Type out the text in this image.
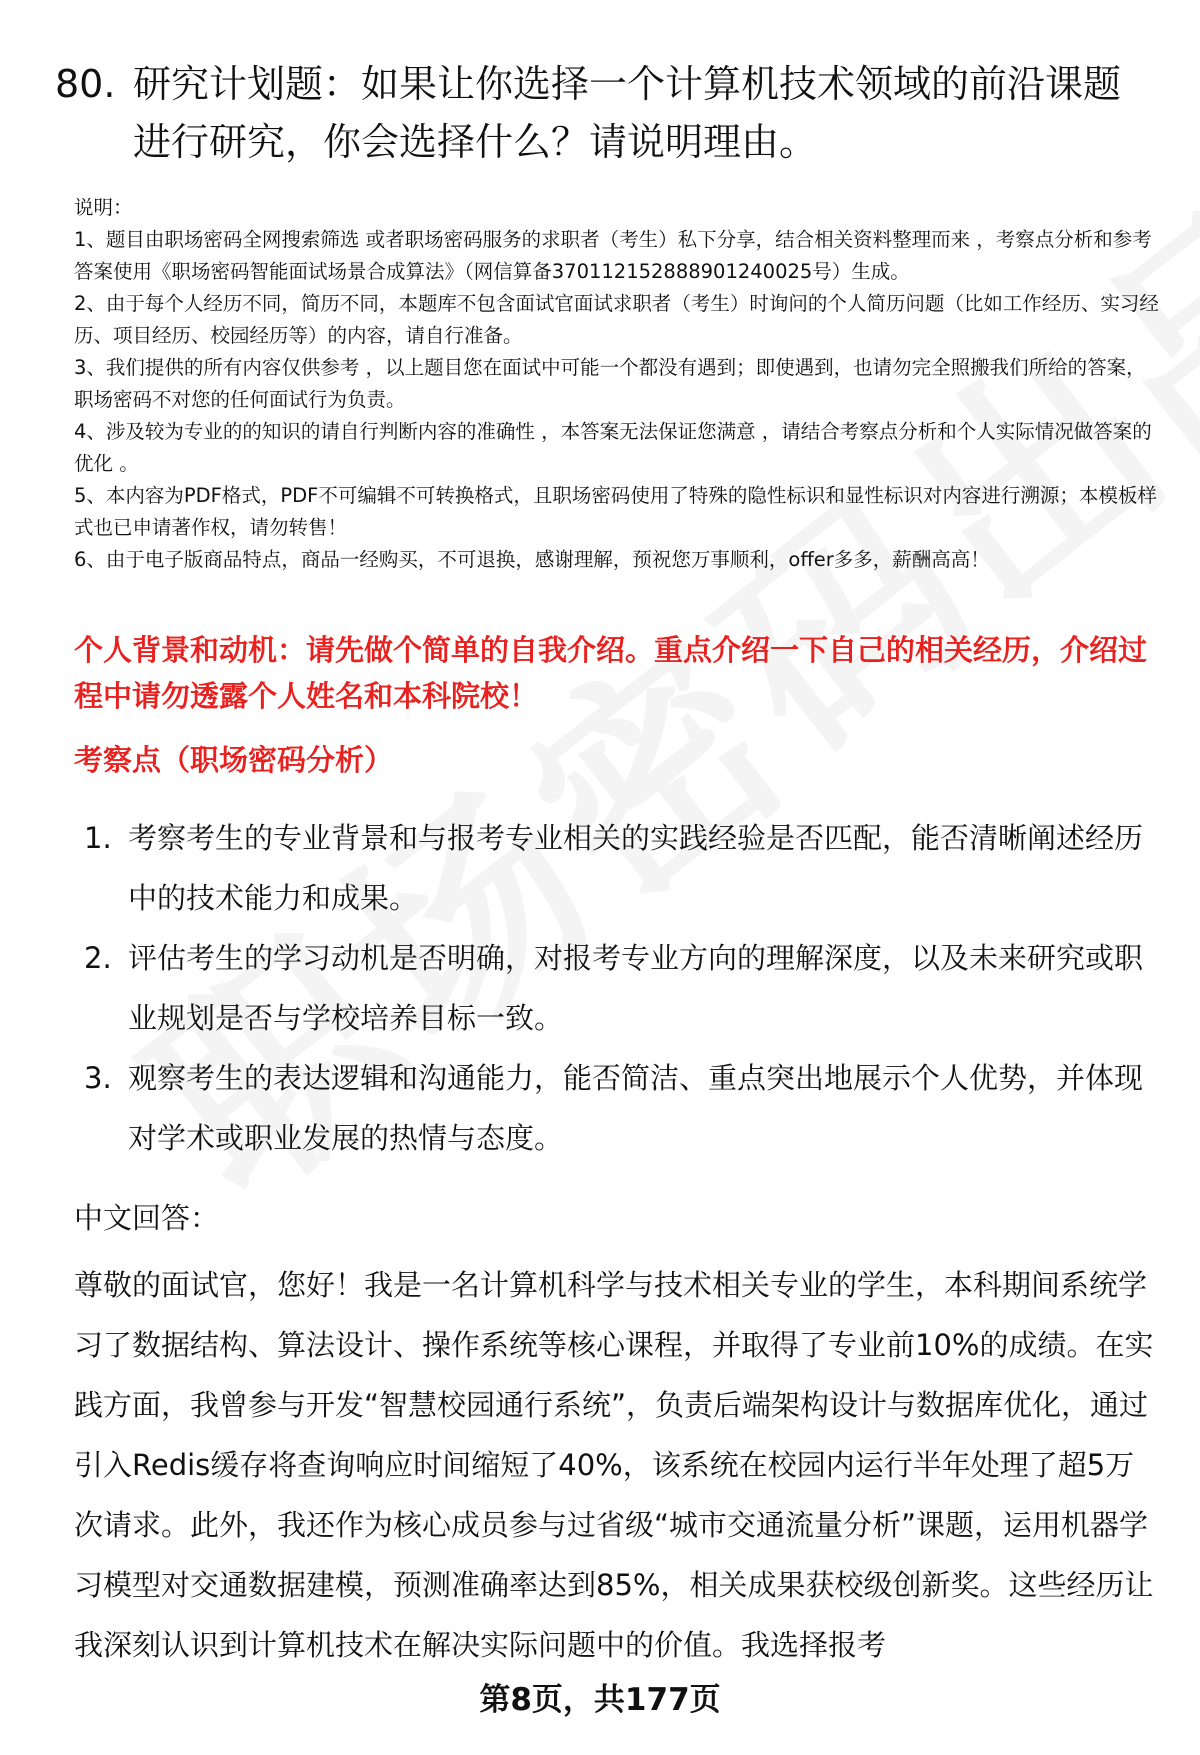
80. 研究计划题：如果让你选择一个计算机技术领域的前沿课题进行研究，你会选择什么？请说明理由。
说明：
1、题目由职场密码全网搜索筛选 或者职场密码服务的求职者（考生）私下分享，结合相关资料整理而来 ，考察点分析和参考答案使用《职场密码智能面试场景合成算法》（网信算备370112152888901240025号）生成。
2、由于每个人经历不同，简历不同，本题库不包含面试官面试求职者（考生）时询问的个人简历问题（比如工作经历、实习经历、项目经历、校园经历等）的内容，请自行准备。
3、我们提供的所有内容仅供参考 ，以上题目您在面试中可能一个都没有遇到；即使遇到，也请勿完全照搬我们所给的答案，职场密码不对您的任何面试行为负责。
4、涉及较为专业的的知识的请自行判断内容的准确性 ，本答案无法保证您满意 ，请结合考察点分析和个人实际情况做答案的优化 。
5、本内容为PDF格式，PDF不可编辑不可转换格式，且职场密码使用了特殊的隐性标识和显性标识对内容进行溯源；本模板样式也已申请著作权，请勿转售！
6、由于电子版商品特点，商品一经购买，不可退换，感谢理解，预祝您万事顺利，offer多多，薪酬高高！
个人背景和动机：请先做个简单的自我介绍。重点介绍一下自己的相关经历，介绍过程中请勿透露个人姓名和本科院校！
考察点（职场密码分析）
1. 考察考生的专业背景和与报考专业相关的实践经验是否匹配，能否清晰阐述经历中的技术能力和成果。
2. 评估考生的学习动机是否明确，对报考专业方向的理解深度，以及未来研究或职业规划是否与学校培养目标一致。
3. 观察考生的表达逻辑和沟通能力，能否简洁、重点突出地展示个人优势，并体现对学术或职业发展的热情与态度。
中文回答：
尊敬的面试官，您好！我是一名计算机科学与技术相关专业的学生，本科期间系统学习了数据结构、算法设计、操作系统等核心课程，并取得了专业前10%的成绩。在实践方面，我曾参与开发“智慧校园通行系统”，负责后端架构设计与数据库优化，通过引入Redis缓存将查询响应时间缩短了40%，该系统在校园内运行半年处理了超5万次请求。此外，我还作为核心成员参与过省级“城市交通流量分析”课题，运用机器学习模型对交通数据建模，预测准确率达到85%，相关成果获校级创新奖。这些经历让我深刻认识到计算机技术在解决实际问题中的价值。我选择报考
第8页，共177页
